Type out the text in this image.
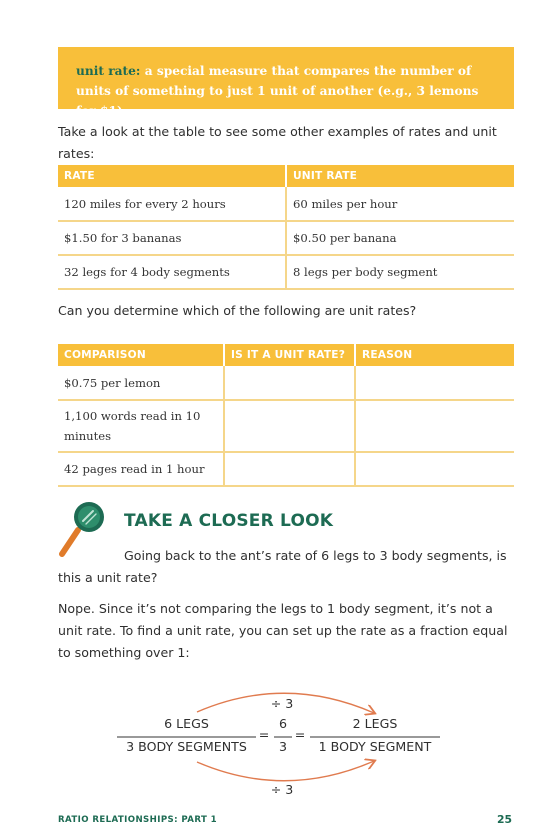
unit rate: a special measure that compares the number of units of something to just 1 unit of another (e.g., 3 lemons for $1)
Take a look at the table to see some other examples of rates and unit rates:
RATE	UNIT RATE
120 miles for every 2 hours	60 miles per hour
$1.50 for 3 bananas	$0.50 per banana
32 legs for 4 body segments	8 legs per body segment
Can you determine which of the following are unit rates?
COMPARISON	IS IT A UNIT RATE?	REASON
$0.75 per lemon		
1,100 words read in 10 minutes		
42 pages read in 1 hour		
TAKE A CLOSER LOOK
Going back to the ant’s rate of 6 legs to 3 body segments, is this a unit rate?
Nope. Since it’s not comparing the legs to 1 body segment, it’s not a unit rate. To find a unit rate, you can set up the rate as a fraction equal to something over 1:
÷ 3
÷ 3
6 LEGS
3 BODY SEGMENTS
=
6
3
=
2 LEGS
1 BODY SEGMENT
RATIO RELATIONSHIPS: PART 1	25
